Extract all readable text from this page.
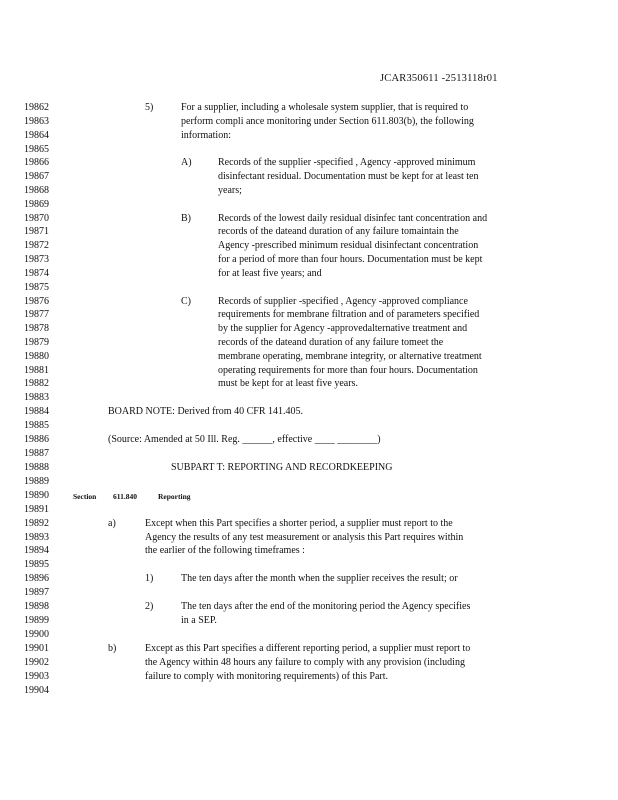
JCAR350611 -2513118r01
19862
19863
19864
19865
19866
19867
19868
19869
19870
19871
19872
19873
19874
19875
19876
19877
19878
19879
19880
19881
19882
19883
19884
19885
19886
19887
19888
19889
19890
19891
19892
19893
19894
19895
19896
19897
19898
19899
19900
19901
19902
19903
19904
5)	For a supplier, including a wholesale system supplier, that is required to
perform compli ance monitoring under Section 611.803(b), the following
information:
A)	Records of the supplier -specified , Agency -approved minimum
disinfectant residual. Documentation must be kept for at least ten
years;
B)	Records of the lowest daily residual disinfec tant concentration and
records of the dateand duration of any failure tomaintain the
Agency -prescribed minimum residual disinfectant concentration
for a period of more than four hours. Documentation must be kept
for at least five years; and
C)	Records of supplier -specified , Agency -approved compliance
requirements for membrane filtration and of parameters specified
by the supplier for Agency -approvedalternative treatment and
records of the dateand duration of any failure tomeet the
membrane operating, membrane integrity, or alternative treatment
operating requirements for more than four hours. Documentation
must be kept for at least five years.
BOARD NOTE: Derived from 40 CFR 141.405.
(Source: Amended at 50 Ill. Reg. ______, effective ____ ________)
SUBPART T: REPORTING AND RECORDKEEPING
a)	Except when this Part specifies a shorter period, a supplier must report to the
Agency the results of any test measurement or analysis this Part requires within
the earlier of the following timeframes :
1)	The ten days after the month when the supplier receives the result; or
2)	The ten days after the end of the monitoring period the Agency specifies
in a SEP.
b)	Except as this Part specifies a different reporting period, a supplier must report to
the Agency within 48 hours any failure to comply with any provision (including
failure to comply with monitoring requirements) of this Part.
Section 611.840	Reporting
